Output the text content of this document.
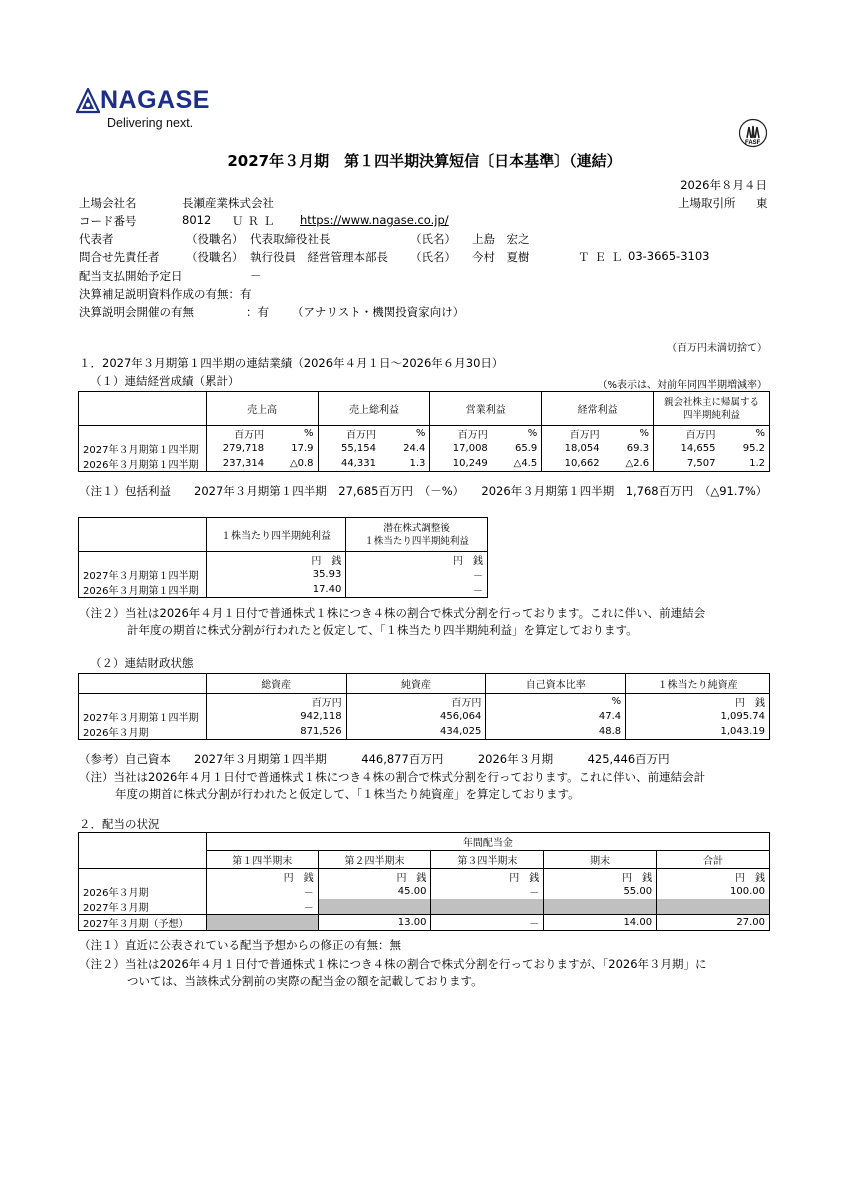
NAGASE
Delivering next.
FASF
2027年３月期　第１四半期決算短信〔日本基準〕（連結）
2026年８月４日
上場会社名	長瀬産業株式会社	上場取引所 東
コード番号	8012 ＵＲＬ https://www.nagase.co.jp/
代表者	（役職名） 代表取締役社長	（氏名） 上島　宏之
問合せ先責任者 （役職名） 執行役員　経営管理本部長 （氏名） 今村　夏樹	ＴＥＬ 03-3665-3103
配当支払開始予定日	－
決算補足説明資料作成の有無：有
決算説明会開催の有無	：有 （アナリスト・機関投資家向け）
（百万円未満切捨て）
１．2027年３月期第１四半期の連結業績（2026年４月１日～2026年６月30日）
（１）連結経営成績（累計）	（%表示は、対前年同四半期増減率）
	売上高		売上総利益		営業利益		経常利益		親会社株主に帰属する
四半期純利益	
	百万円	%	百万円	%	百万円	%	百万円	%	百万円	%
2027年３月期第１四半期	279,718	17.9	55,154	24.4	17,008	65.9	18,054	69.3	14,655	95.2
2026年３月期第１四半期	237,314	△0.8	44,331	1.3	10,249	△4.5	10,662	△2.6	7,507	1.2
（注１）包括利益　　2027年３月期第１四半期　27,685百万円　（－%）　　2026年３月期第１四半期　1,768百万円　（△91.7%）
	１株当たり四半期純利益	潜在株式調整後
１株当たり四半期純利益
	円　銭	円　銭
2027年３月期第１四半期	35.93	－
2026年３月期第１四半期	17.40	－
（注２）当社は2026年４月１日付で普通株式１株につき４株の割合で株式分割を行っております。これに伴い、前連結会
計年度の期首に株式分割が行われたと仮定して、「１株当たり四半期純利益」を算定しております。
（２）連結財政状態
	総資産	純資産	自己資本比率	１株当たり純資産
	百万円	百万円	%	円　銭
2027年３月期第１四半期	942,118	456,064	47.4	1,095.74
2026年３月期	871,526	434,025	48.8	1,043.19
（参考）自己資本　　2027年３月期第１四半期　　　446,877百万円　　　2026年３月期　　　425,446百万円
（注）当社は2026年４月１日付で普通株式１株につき４株の割合で株式分割を行っております。これに伴い、前連結会計
年度の期首に株式分割が行われたと仮定して、「１株当たり純資産」を算定しております。
２．配当の状況
	年間配当金				
	第１四半期末	第２四半期末	第３四半期末	期末	合計
	円　銭	円　銭	円　銭	円　銭	円　銭
2026年３月期	－	45.00	－	55.00	100.00
2027年３月期	－				
2027年３月期（予想）		13.00	－	14.00	27.00
（注１）直近に公表されている配当予想からの修正の有無：無
（注２）当社は2026年４月１日付で普通株式１株につき４株の割合で株式分割を行っておりますが、「2026年３月期」に
ついては、当該株式分割前の実際の配当金の額を記載しております。
